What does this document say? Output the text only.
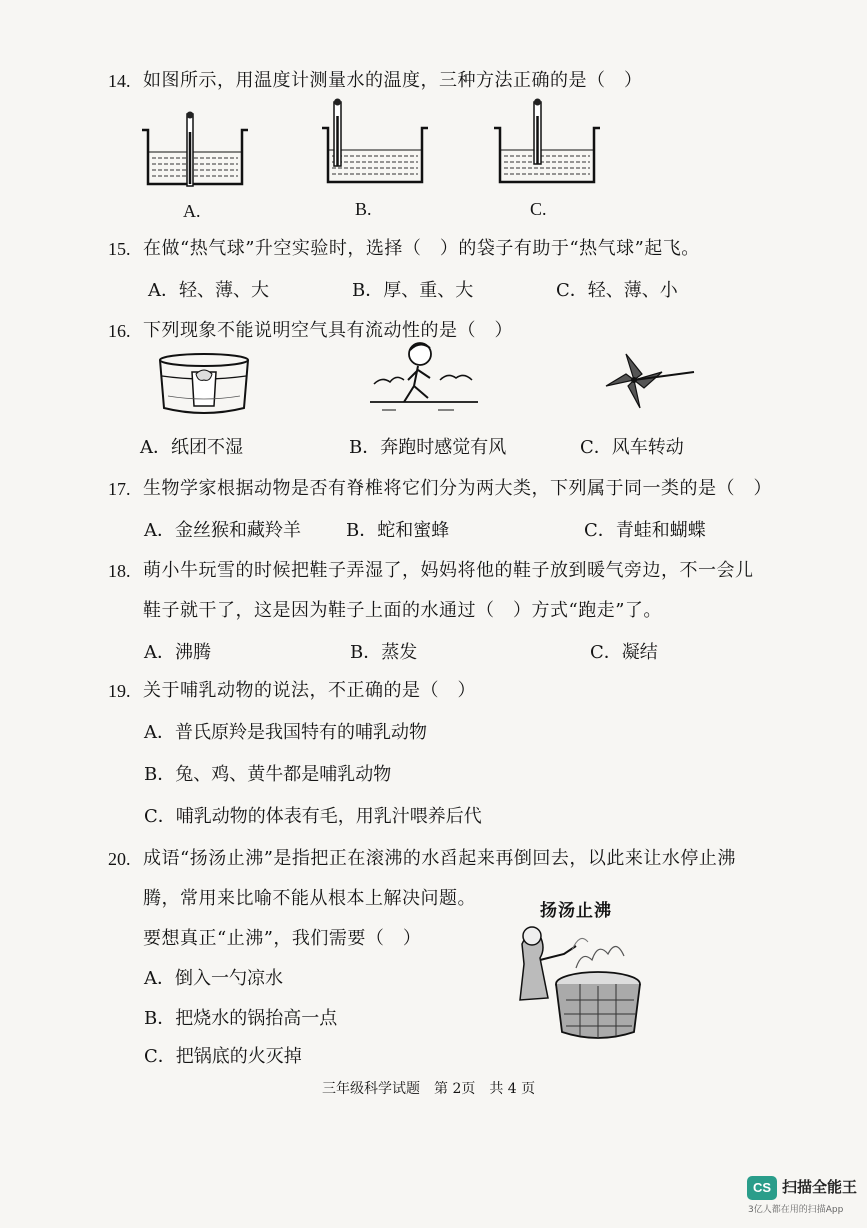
14. 如图所示，用温度计测量水的温度，三种方法正确的是（　）
A.	B.	C.
15. 在做“热气球”升空实验时，选择（　）的袋子有助于“热气球”起飞。
A．轻、薄、大	B．厚、重、大	C．轻、薄、小
16. 下列现象不能说明空气具有流动性的是（　）
A．纸团不湿	B．奔跑时感觉有风	C．风车转动
17. 生物学家根据动物是否有脊椎将它们分为两大类，下列属于同一类的是（　）
A．金丝猴和藏羚羊	B．蛇和蜜蜂	C．青蛙和蝴蝶
18. 萌小牛玩雪的时候把鞋子弄湿了，妈妈将他的鞋子放到暖气旁边，不一会儿
鞋子就干了，这是因为鞋子上面的水通过（　）方式“跑走”了。
A．沸腾	B．蒸发	C．凝结
19. 关于哺乳动物的说法，不正确的是（　）
A．普氏原羚是我国特有的哺乳动物
B．兔、鸡、黄牛都是哺乳动物
C．哺乳动物的体表有毛，用乳汁喂养后代
20. 成语“扬汤止沸”是指把正在滚沸的水舀起来再倒回去，以此来让水停止沸
腾，常用来比喻不能从根本上解决问题。
要想真正“止沸”，我们需要（　）
A．倒入一勺凉水
B．把烧水的锅抬高一点
C．把锅底的火灭掉
扬汤止沸
三年级科学试题　第 2页　共 4 页
CS 扫描全能王
3亿人都在用的扫描App
